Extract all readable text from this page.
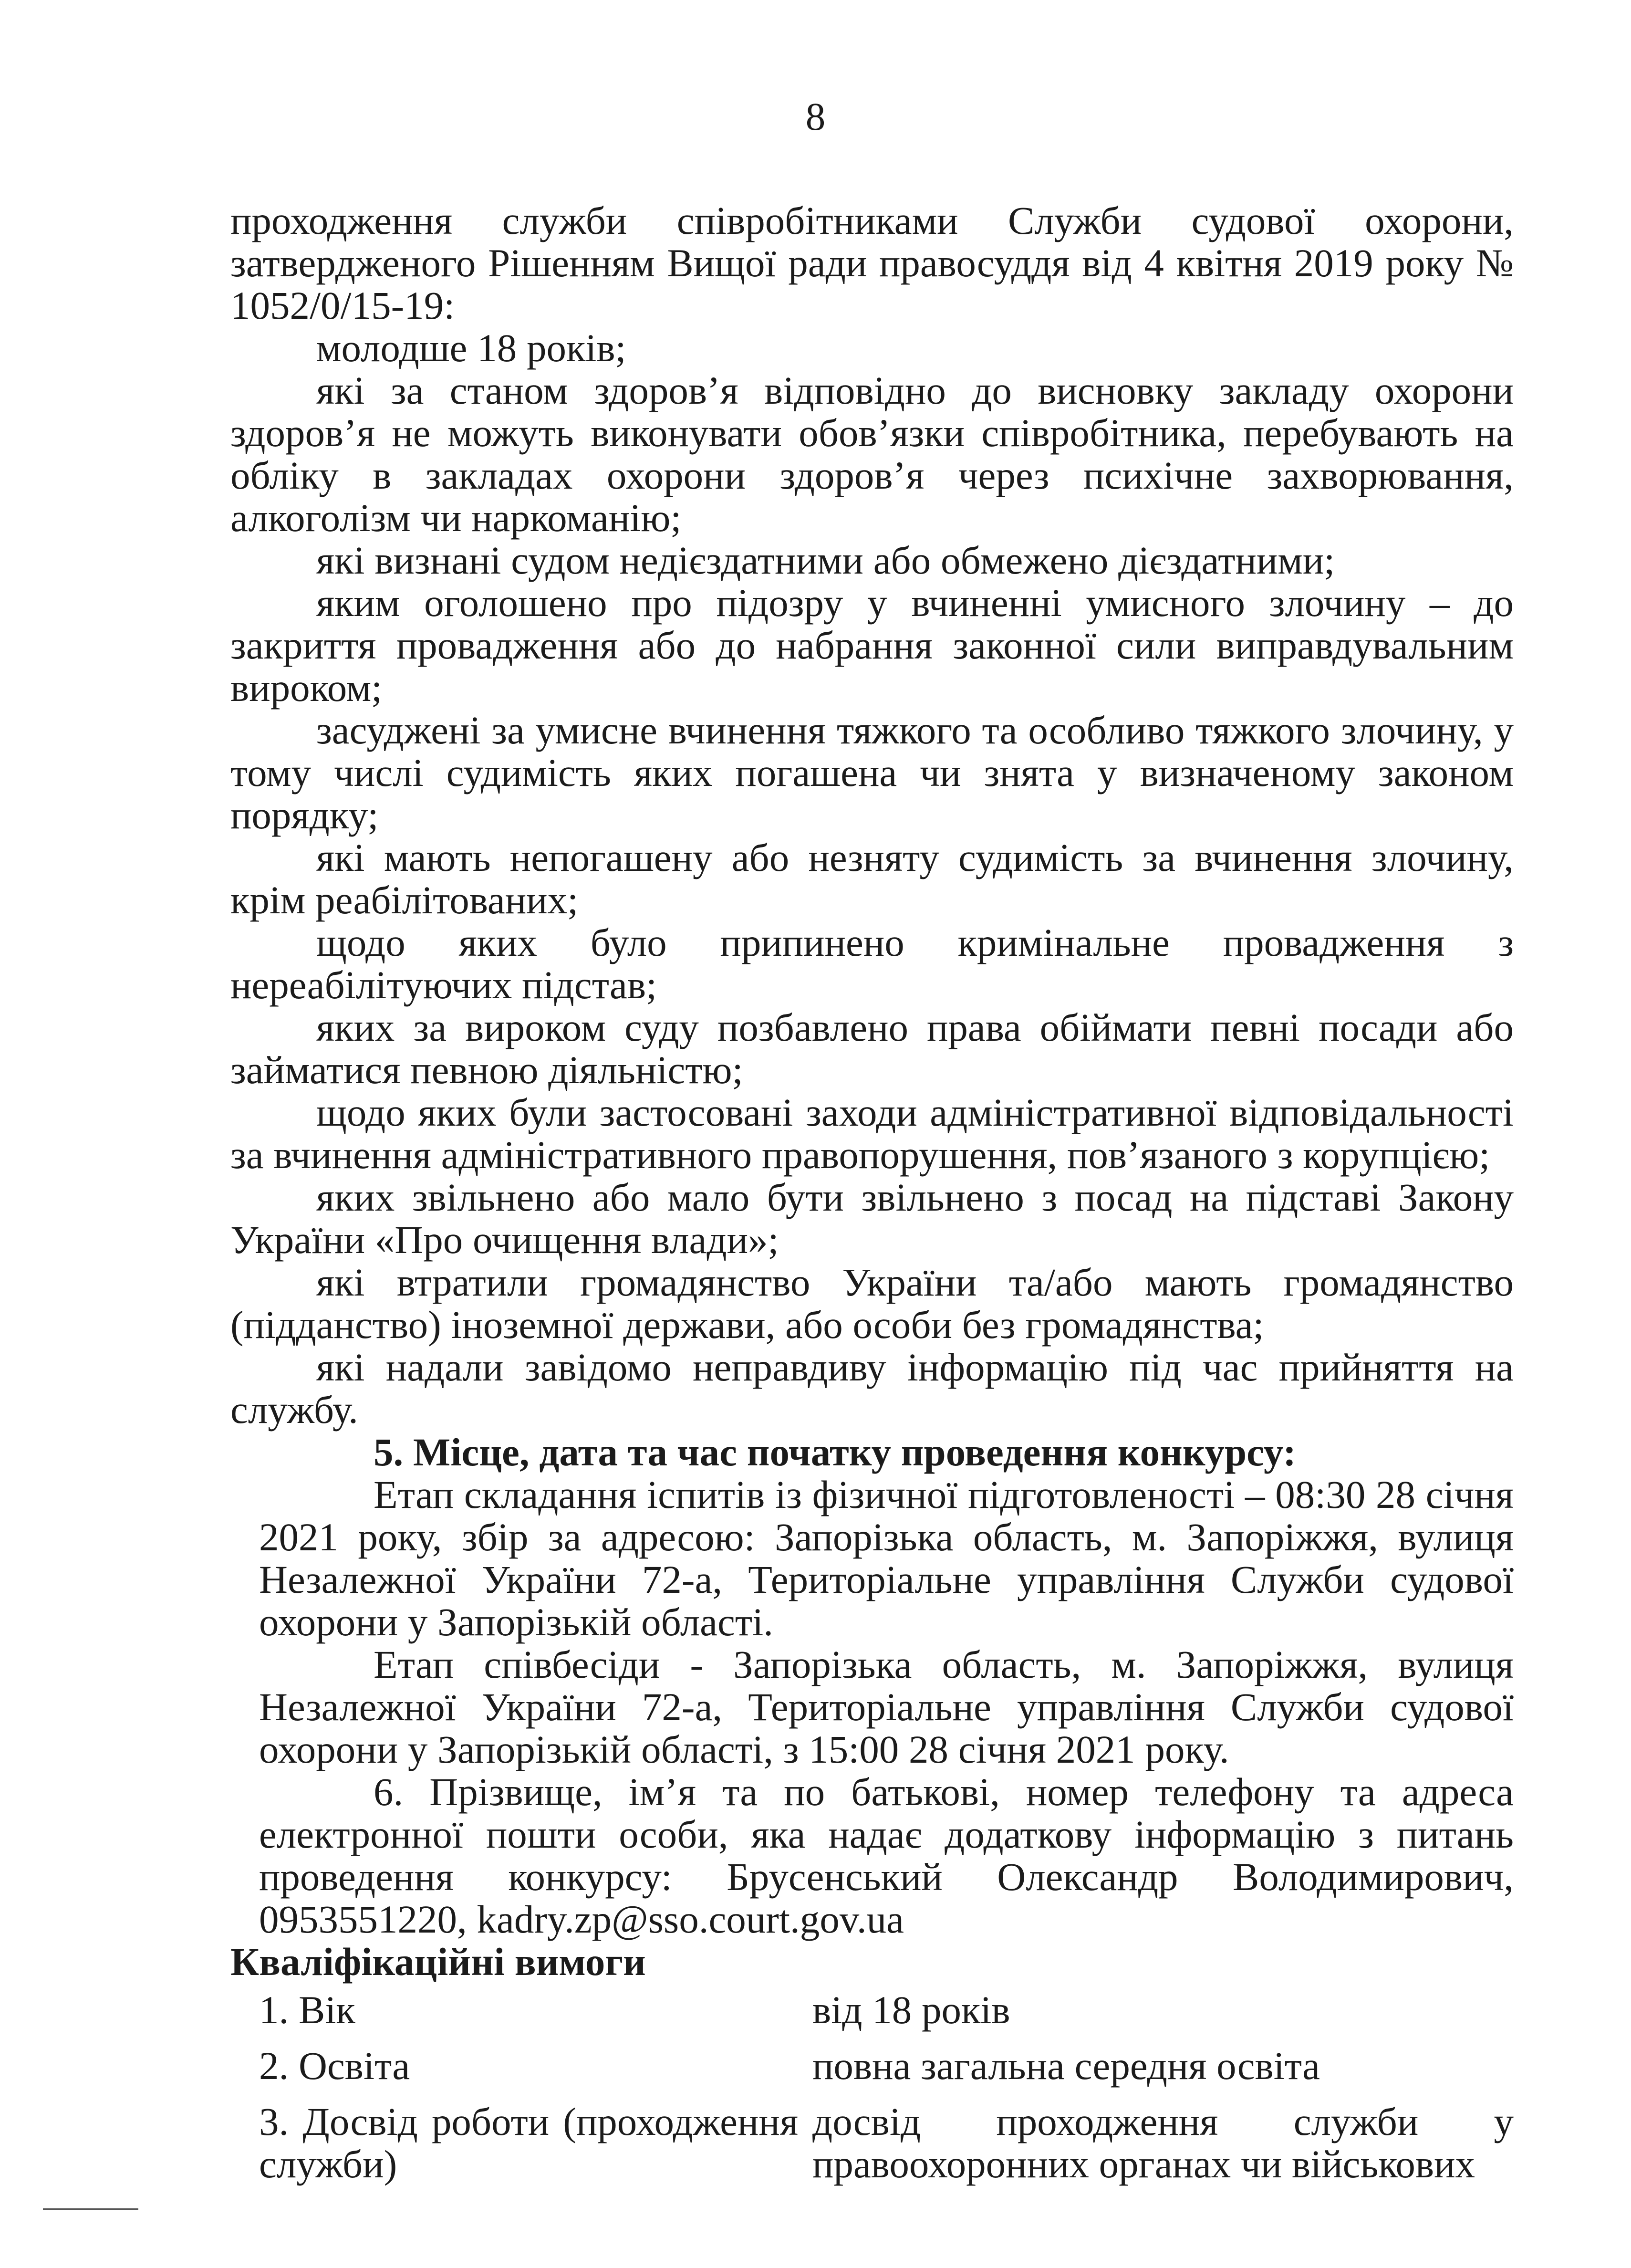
8

проходження служби співробітниками Служби судової охорони, затвердженого Рішенням Вищої ради правосуддя від 4 квітня 2019 року № 1052/0/15-19:

молодше 18 років;

які за станом здоров’я відповідно до висновку закладу охорони здоров’я не можуть виконувати обов’язки співробітника, перебувають на обліку в закладах охорони здоров’я через психічне захворювання, алкоголізм чи наркоманію;

які визнані судом недієздатними або обмежено дієздатними;

яким оголошено про підозру у вчиненні умисного злочину – до закриття провадження або до набрання законної сили виправдувальним вироком;

засуджені за умисне вчинення тяжкого та особливо тяжкого злочину, у тому числі судимість яких погашена чи знята у визначеному законом порядку;

які мають непогашену або незняту судимість за вчинення злочину, крім реабілітованих;

щодо яких було припинено кримінальне провадження з нереабілітуючих підстав;

яких за вироком суду позбавлено права обіймати певні посади або займатися певною діяльністю;

щодо яких були застосовані заходи адміністративної відповідальності за вчинення адміністративного правопорушення, пов’язаного з корупцією;

яких звільнено або мало бути звільнено з посад на підставі Закону України «Про очищення влади»;

які втратили громадянство України та/або мають громадянство (підданство) іноземної держави, або особи без громадянства;

які надали завідомо неправдиву інформацію під час прийняття на службу.

5. Місце, дата та час початку проведення конкурсу:

Етап складання іспитів із фізичної підготовленості – 08:30 28 січня 2021 року, збір за адресою: Запорізька область, м. Запоріжжя, вулиця Незалежної України 72-а, Територіальне управління Служби судової охорони у Запорізькій області.

Етап співбесіди - Запорізька область, м. Запоріжжя, вулиця Незалежної України 72-а, Територіальне управління Служби судової охорони у Запорізькій області, з 15:00 28 січня 2021 року.

6. Прізвище, ім’я та по батькові, номер телефону та адреса електронної пошти особи, яка надає додаткову інформацію з питань проведення конкурсу: Брусенський Олександр Володимирович, 0953551220, kadry.zp@sso.court.gov.ua

Кваліфікаційні вимоги

1. Вік	від 18 років

2. Освіта	повна загальна середня освіта

3. Досвід роботи (проходження служби)

досвід проходження служби у правоохоронних органах чи військових
